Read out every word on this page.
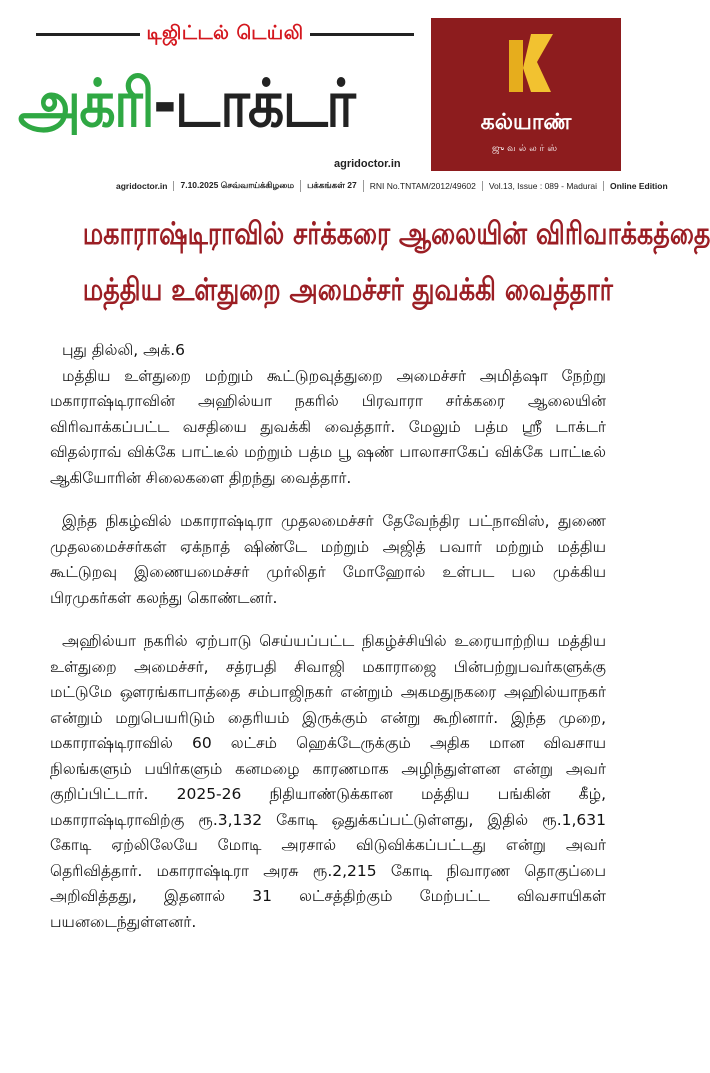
டிஜிட்டல் டெய்லி
அக்ரி-டாக்டர்
agridoctor.in
கல்யாண்
ஜுவல்லர்ஸ்
agridoctor.in	7.10.2025 செவ்வாய்க்கிழமை	பக்கங்கள் 27	RNI No.TNTAM/2012/49602	Vol.13, Issue : 089 - Madurai	Online Edition
மகாராஷ்டிராவில் சர்க்கரை ஆலையின் விரிவாக்கத்தை
மத்திய உள்துறை அமைச்சர் துவக்கி வைத்தார்
புது தில்லி, அக்.6

மத்திய உள்துறை மற்றும் கூட்டுறவுத்துறை அமைச்சர் அமித்ஷா நேற்று மகாராஷ்டிராவின் அஹில்யா நகரில் பிரவாரா சர்க்கரை ஆலையின் விரிவாக்கப்பட்ட வசதியை துவக்கி வைத்தார். மேலும் பத்ம ஸ்ரீ டாக்டர் விதல்ராவ் விக்கே பாட்டீல் மற்றும் பத்ம பூ ஷண் பாலாசாகேப் விக்கே பாட்டீல் ஆகியோரின் சிலைகளை திறந்து வைத்தார்.

இந்த நிகழ்வில் மகாராஷ்டிரா முதலமைச்சர் தேவேந்திர பட்நாவிஸ், துணை முதலமைச்சர்கள் ஏக்நாத் ஷிண்டே மற்றும் அஜித் பவார் மற்றும் மத்திய கூட்டுறவு இணையமைச்சர் முர்லிதர் மோஹோல் உள்பட பல முக்கிய பிரமுகர்கள் கலந்து கொண்டனர்.

அஹில்யா நகரில் ஏற்பாடு செய்யப்பட்ட நிகழ்ச்சியில் உரையாற்றிய மத்திய உள்துறை அமைச்சர், சத்ரபதி சிவாஜி மகாராஜை பின்பற்றுபவர்களுக்கு மட்டுமே ஔரங்காபாத்தை சம்பாஜிநகர் என்றும் அகமதுநகரை அஹில்யாநகர் என்றும் மறுபெயரிடும் தைரியம் இருக்கும் என்று கூறினார். இந்த முறை, மகாராஷ்டிராவில் 60 லட்சம் ஹெக்டேருக்கும் அதிக மான விவசாய நிலங்களும் பயிர்களும் கனமழை காரணமாக அழிந்துள்ளன என்று அவர் குறிப்பிட்டார். 2025-26 நிதியாண்டுக்கான மத்திய பங்கின் கீழ், மகாராஷ்டிராவிற்கு ரூ.3,132 கோடி ஒதுக்கப்பட்டுள்ளது, இதில் ரூ.1,631 கோடி ஏற்லிலேயே மோடி அரசால் விடுவிக்கப்பட்டது என்று அவர் தெரிவித்தார். மகாராஷ்டிரா அரசு ரூ.2,215 கோடி நிவாரண தொகுப்பை அறிவித்தது, இதனால் 31 லட்சத்திற்கும் மேற்பட்ட விவசாயிகள் பயனடைந்துள்ளனர்.
